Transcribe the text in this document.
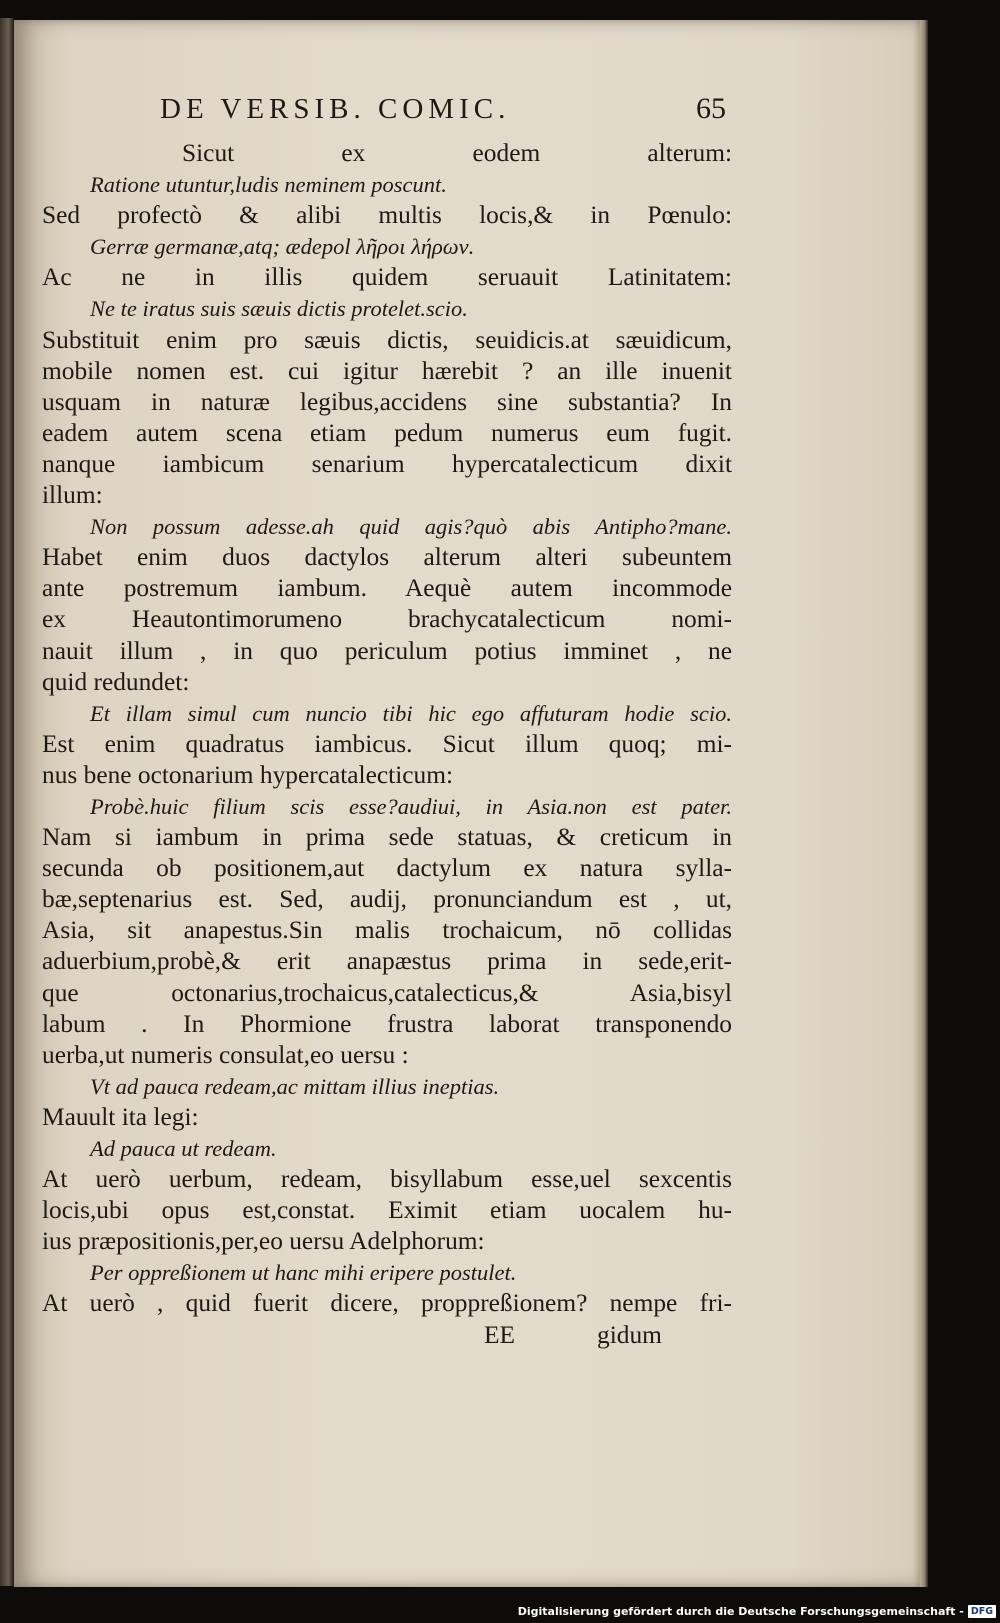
DE VERSIB. COMIC.	65
Sicut ex eodem alterum:
Ratione utuntur,ludis neminem poscunt.
Sed profectò & alibi multis locis,& in Pœnulo:
Gerræ germanæ,atq; ædepol λῆροι λήρων.
Ac ne in illis quidem seruauit Latinitatem:
Ne te iratus suis sæuis dictis protelet.scio.
Substituit enim pro sæuis dictis, seuidicis.at sæuidicum,
mobile nomen est. cui igitur hærebit ? an ille inuenit
usquam in naturæ legibus,accidens sine substantia? In
eadem autem scena etiam pedum numerus eum fugit.
nanque iambicum senarium hypercatalecticum dixit
illum:
Non possum adesse.ah quid agis?quò abis Antipho?mane.
Habet enim duos dactylos alterum alteri subeuntem
ante postremum iambum. Aequè autem incommode
ex Heautontimorumeno brachycatalecticum nomi-
nauit illum , in quo periculum potius imminet , ne
quid redundet:
Et illam simul cum nuncio tibi hic ego affuturam hodie scio.
Est enim quadratus iambicus. Sicut illum quoq; mi-
nus bene octonarium hypercatalecticum:
Probè.huic filium scis esse?audiui, in Asia.non est pater.
Nam si iambum in prima sede statuas, & creticum in
secunda ob positionem,aut dactylum ex natura sylla-
bæ,septenarius est. Sed, audij, pronunciandum est , ut,
Asia, sit anapestus.Sin malis trochaicum, nō collidas
aduerbium,probè,& erit anapæstus prima in sede,erit-
que octonarius,trochaicus,catalecticus,& Asia,bisyl
labum . In Phormione frustra laborat transponendo
uerba,ut numeris consulat,eo uersu :
Vt ad pauca redeam,ac mittam illius ineptias.
Mauult ita legi:
Ad pauca ut redeam.
At uerò uerbum, redeam, bisyllabum esse,uel sexcentis
locis,ubi opus est,constat. Eximit etiam uocalem hu-
ius præpositionis,per,eo uersu Adelphorum:
Per oppreßionem ut hanc mihi eripere postulet.
At uerò , quid fuerit dicere, proppreßionem? nempe fri-
EE	gidum
Digitalisierung gefördert durch die Deutsche Forschungsgemeinschaft - DFG
